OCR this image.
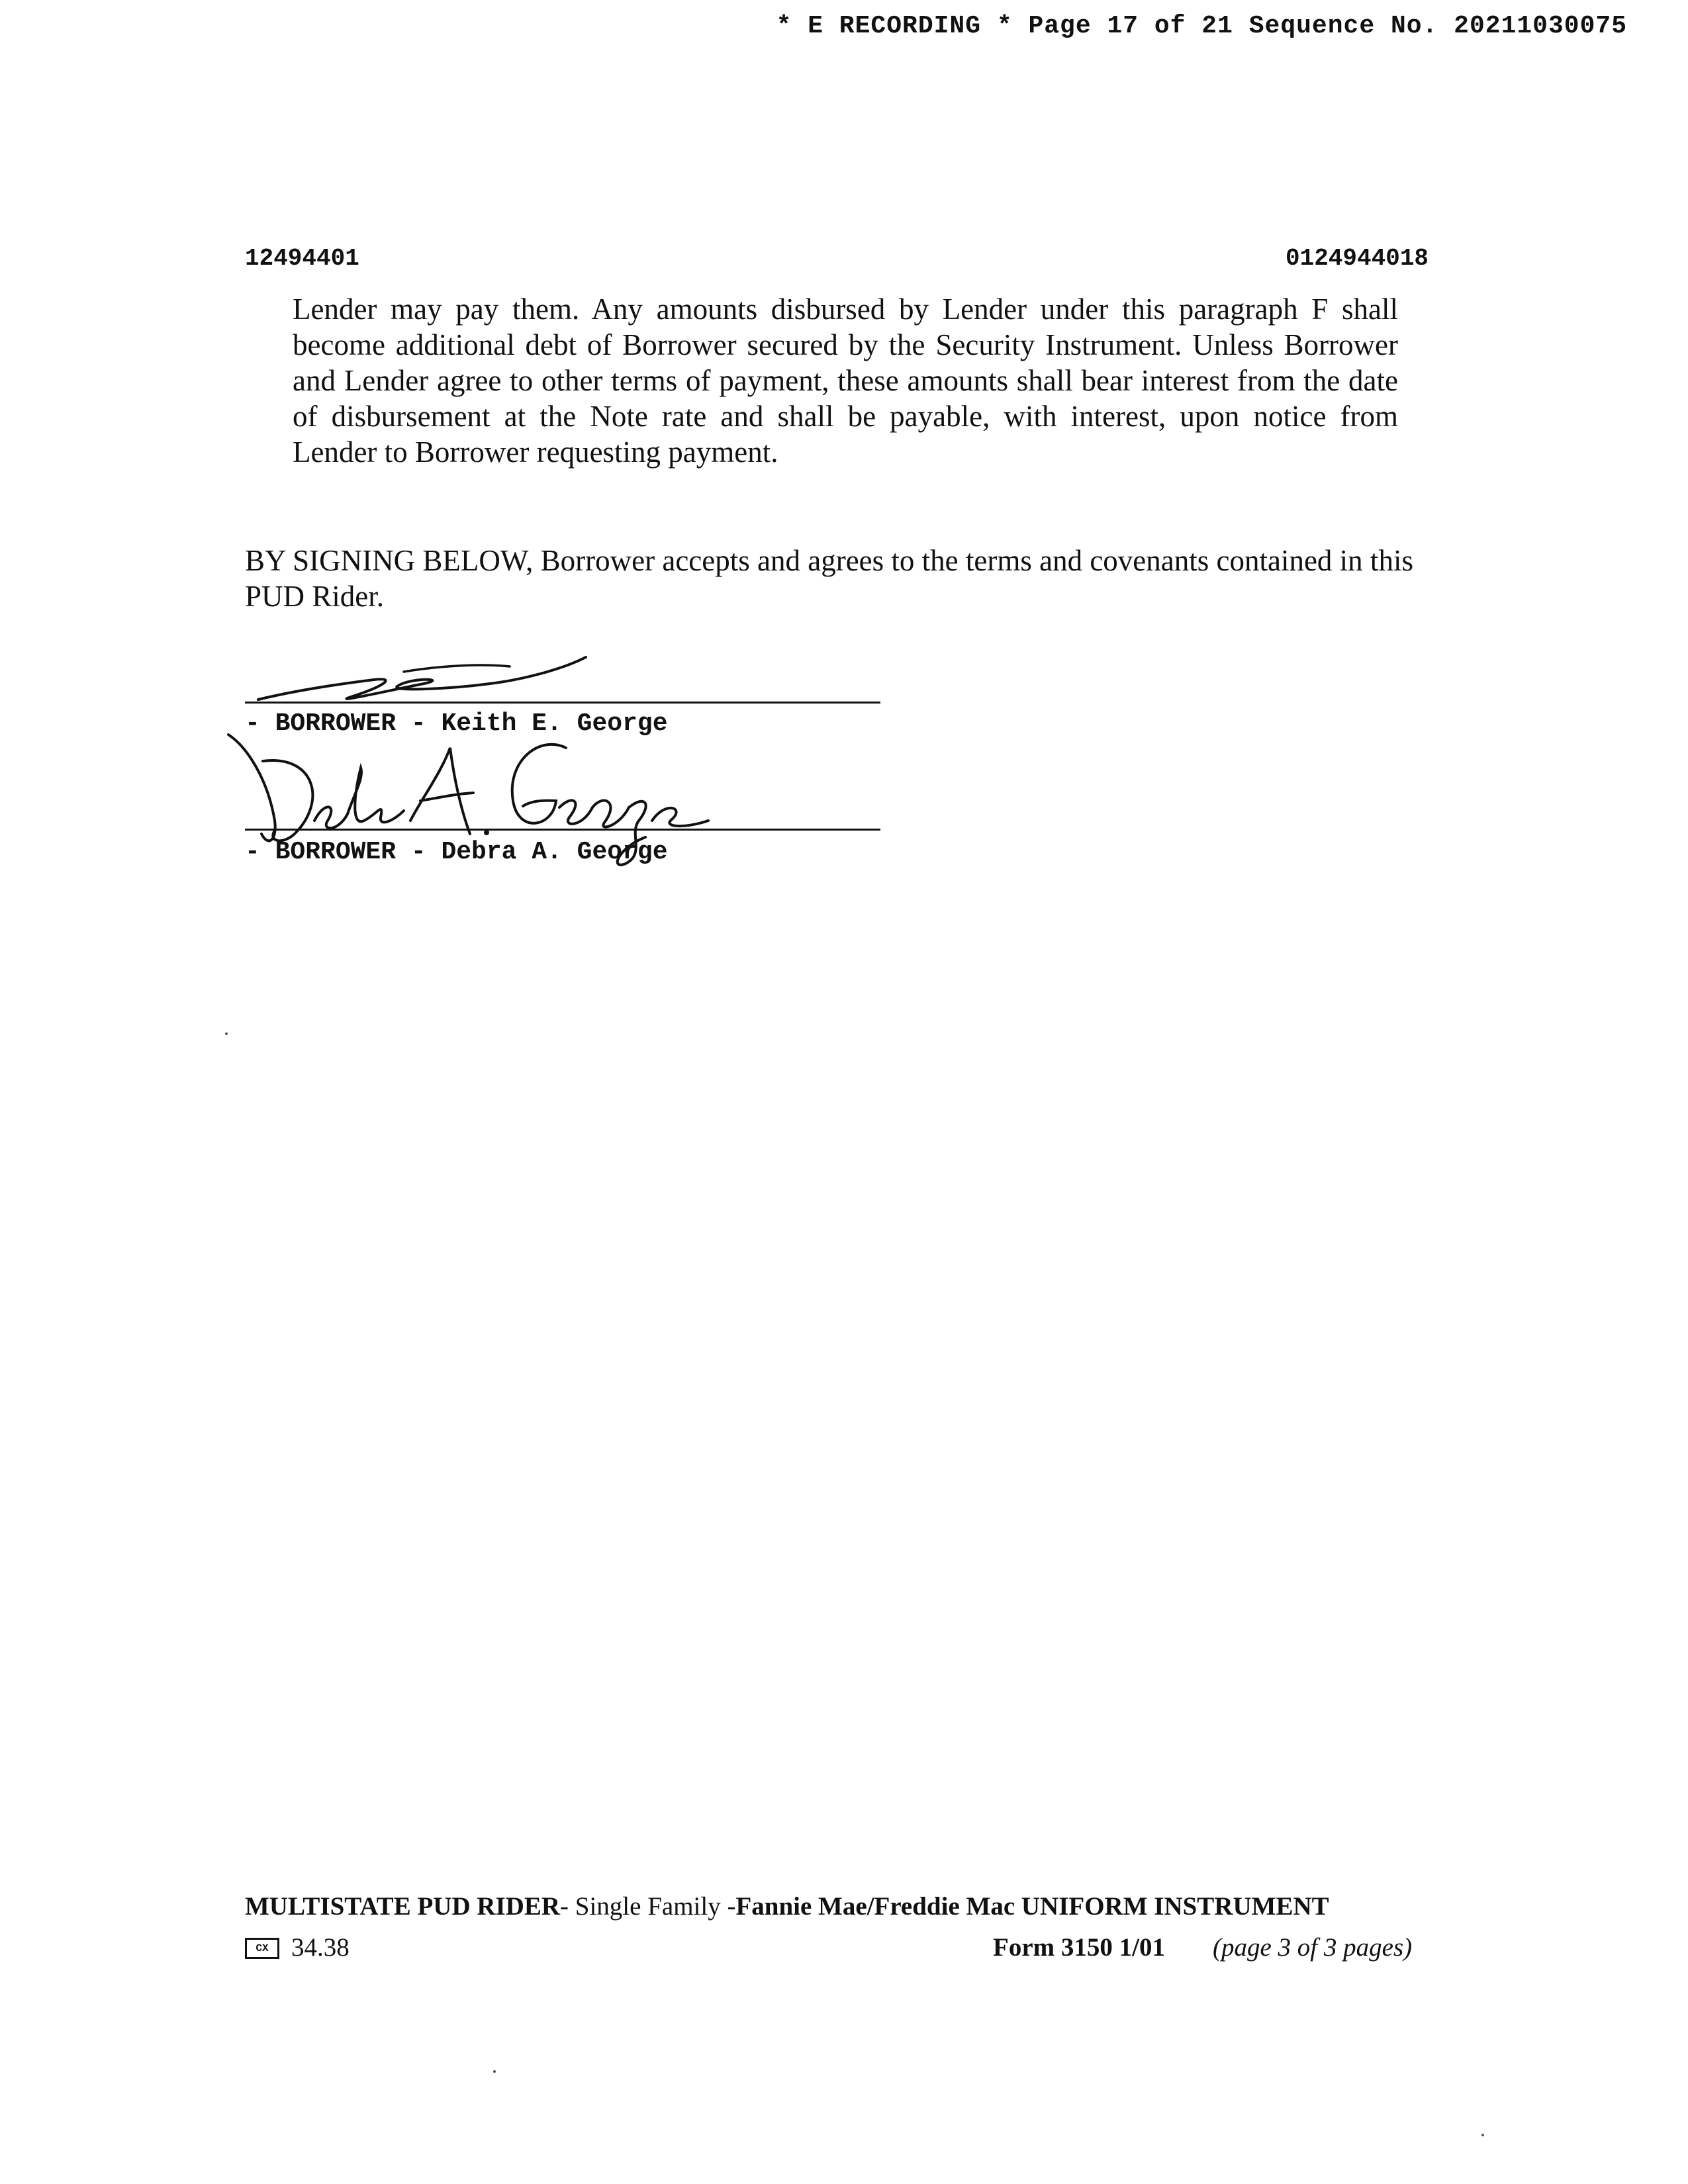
* E RECORDING * Page 17 of 21 Sequence No. 20211030075
12494401	0124944018
Lender may pay them. Any amounts disbursed by Lender under this paragraph F shall become additional debt of Borrower secured by the Security Instrument. Unless Borrower and Lender agree to other terms of payment, these amounts shall bear interest from the date of disbursement at the Note rate and shall be payable, with interest, upon notice from Lender to Borrower requesting payment.
BY SIGNING BELOW, Borrower accepts and agrees to the terms and covenants contained in this PUD Rider.
- BORROWER - Keith E. George
- BORROWER - Debra A. George
MULTISTATE PUD RIDER- Single Family -Fannie Mae/Freddie Mac UNIFORM INSTRUMENT
CX 34.38	Form 3150 1/01 (page 3 of 3 pages)
